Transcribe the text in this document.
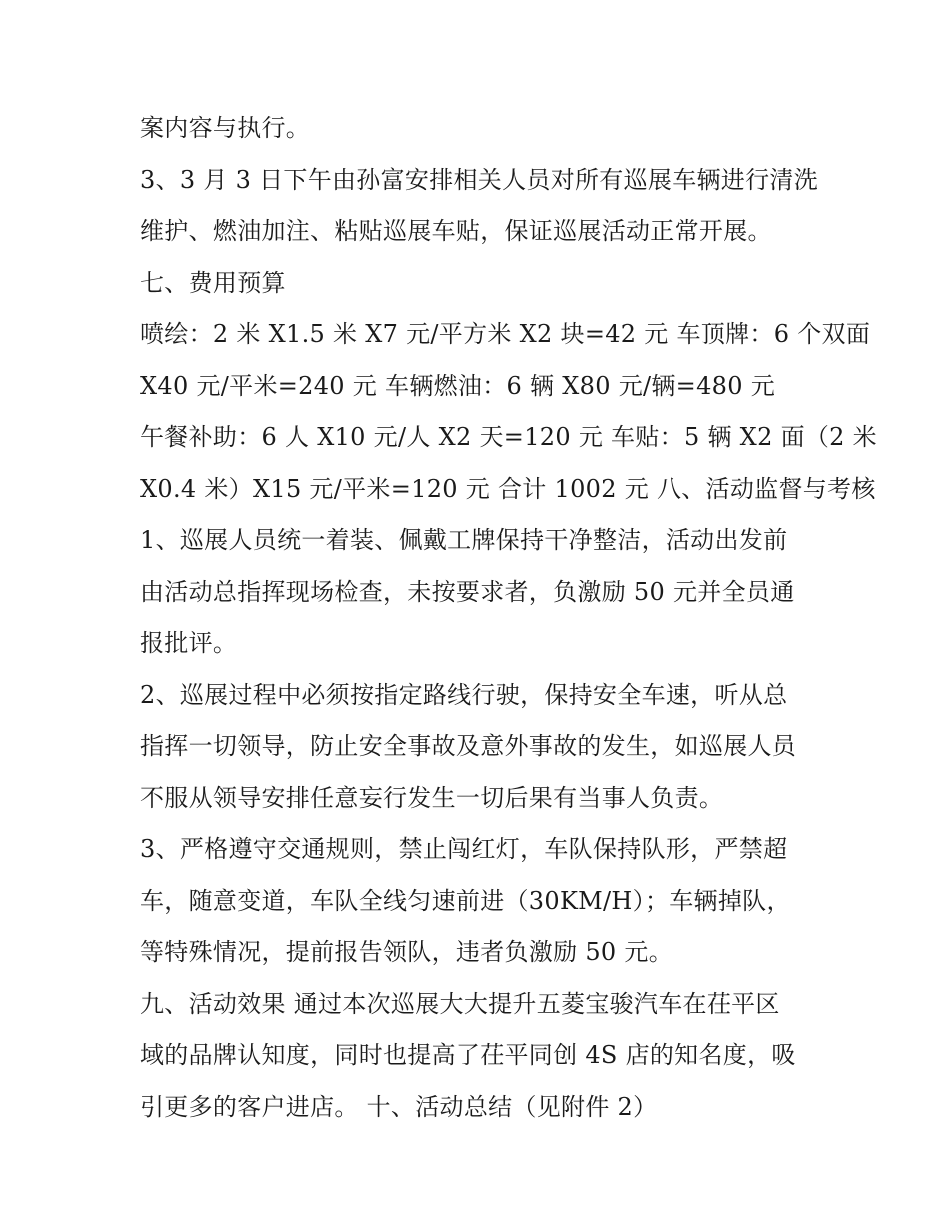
案内容与执行。
3、3 月 3 日下午由孙富安排相关人员对所有巡展车辆进行清洗
维护、燃油加注、粘贴巡展车贴，保证巡展活动正常开展。
七、费用预算
喷绘：2 米 X1.5 米 X7 元/平方米 X2 块=42 元 车顶牌：6 个双面
X40 元/平米=240 元 车辆燃油：6 辆 X80 元/辆=480 元
午餐补助：6 人 X10 元/人 X2 天=120 元 车贴：5 辆 X2 面（2 米
X0.4 米）X15 元/平米=120 元 合计 1002 元 八、活动监督与考核
1、巡展人员统一着装、佩戴工牌保持干净整洁，活动出发前
由活动总指挥现场检查，未按要求者，负激励 50 元并全员通
报批评。
2、巡展过程中必须按指定路线行驶，保持安全车速，听从总
指挥一切领导，防止安全事故及意外事故的发生，如巡展人员
不服从领导安排任意妄行发生一切后果有当事人负责。
3、严格遵守交通规则，禁止闯红灯，车队保持队形，严禁超
车，随意变道，车队全线匀速前进（30KM/H）；车辆掉队，
等特殊情况，提前报告领队，违者负激励 50 元。
九、活动效果 通过本次巡展大大提升五菱宝骏汽车在茌平区
域的品牌认知度，同时也提高了茌平同创 4S 店的知名度，吸
引更多的客户进店。 十、活动总结（见附件 2）
